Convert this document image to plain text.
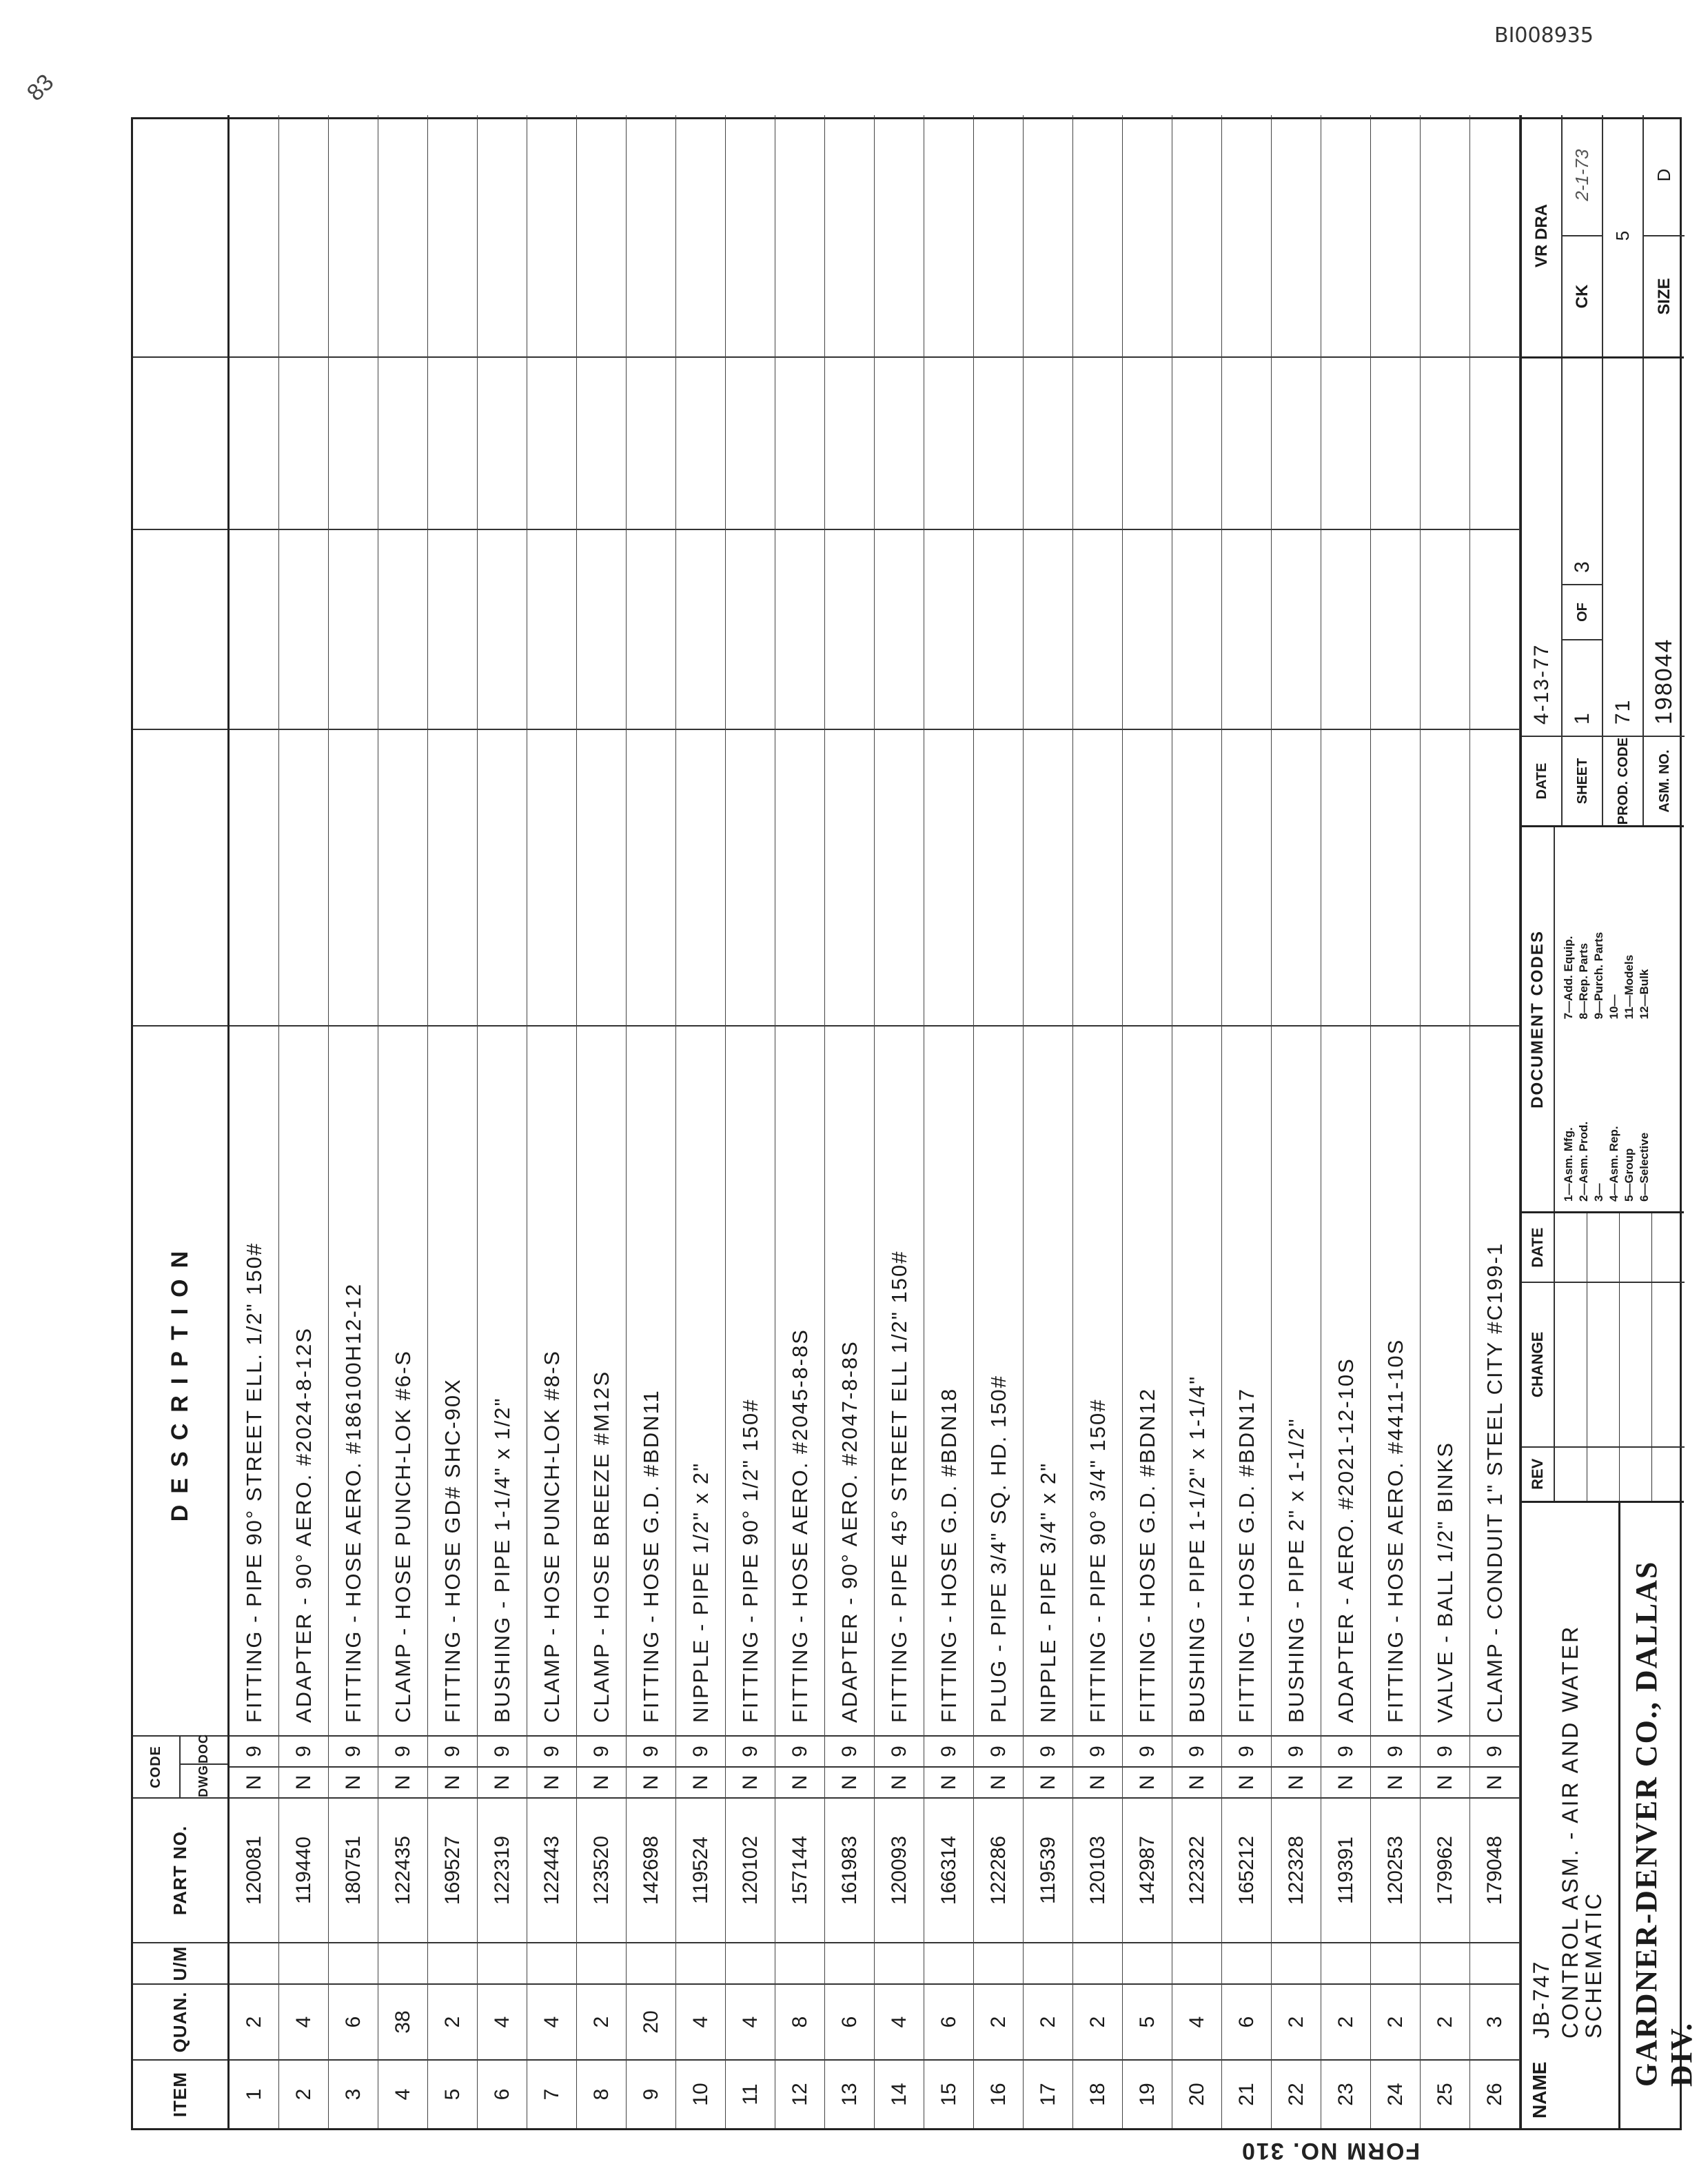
83
BI008935
ITEM
QUAN.
U/M
PART NO.
CODE	DWG
DOC
DESCRIPTION
1
2
120081
N
9
FITTING - PIPE 90° STREET ELL. 1/2" 150#
2
4
119440
N
9
ADAPTER - 90° AERO. #2024-8-12S
3
6
180751
N
9
FITTING - HOSE AERO. #186100H12-12
4
38
122435
N
9
CLAMP - HOSE PUNCH-LOK #6-S
5
2
169527
N
9
FITTING - HOSE GD# SHC-90X
6
4
122319
N
9
BUSHING - PIPE 1-1/4" x 1/2"
7
4
122443
N
9
CLAMP - HOSE PUNCH-LOK #8-S
8
2
123520
N
9
CLAMP - HOSE BREEZE #M12S
9
20
142698
N
9
FITTING - HOSE G.D. #BDN11
10
4
119524
N
9
NIPPLE - PIPE 1/2" x 2"
11
4
120102
N
9
FITTING - PIPE 90° 1/2" 150#
12
8
157144
N
9
FITTING - HOSE AERO. #2045-8-8S
13
6
161983
N
9
ADAPTER - 90° AERO. #2047-8-8S
14
4
120093
N
9
FITTING - PIPE 45° STREET ELL 1/2" 150#
15
6
166314
N
9
FITTING - HOSE G.D. #BDN18
16
2
122286
N
9
PLUG - PIPE 3/4" SQ. HD. 150#
17
2
119539
N
9
NIPPLE - PIPE 3/4" x 2"
18
2
120103
N
9
FITTING - PIPE 90° 3/4" 150#
19
5
142987
N
9
FITTING - HOSE G.D. #BDN12
20
4
122322
N
9
BUSHING - PIPE 1-1/2" x 1-1/4"
21
6
165212
N
9
FITTING - HOSE G.D. #BDN17
22
2
122328
N
9
BUSHING - PIPE 2" x 1-1/2"
23
2
119391
N
9
ADAPTER - AERO. #2021-12-10S
24
2
120253
N
9
FITTING - HOSE AERO. #4411-10S
25
2
179962
N
9
VALVE - BALL 1/2" BINKS
26
3
179048
N
9
CLAMP - CONDUIT 1" STEEL CITY #C199-1
NAME
JB-747 CONTROL ASM. - AIR AND WATER
SCHEMATIC GARDNER-DENVER CO., DALLAS DIV.
REV
CHANGE
DATE
DOCUMENT CODES
1—Asm. Mfg. 2—Asm. Prod. 3— 4—Asm. Rep. 5—Group 6—Selective
7—Add. Equip. 8—Rep. Parts 9—Purch. Parts 10— 11—Models 12—Bulk
DATE
4-13-77
SHEET
1
OF
3
PROD. CODE
71
ASM. NO.
198044
VR DRA
CK
2-1-73
5
SIZE
D
FORM NO. 310
